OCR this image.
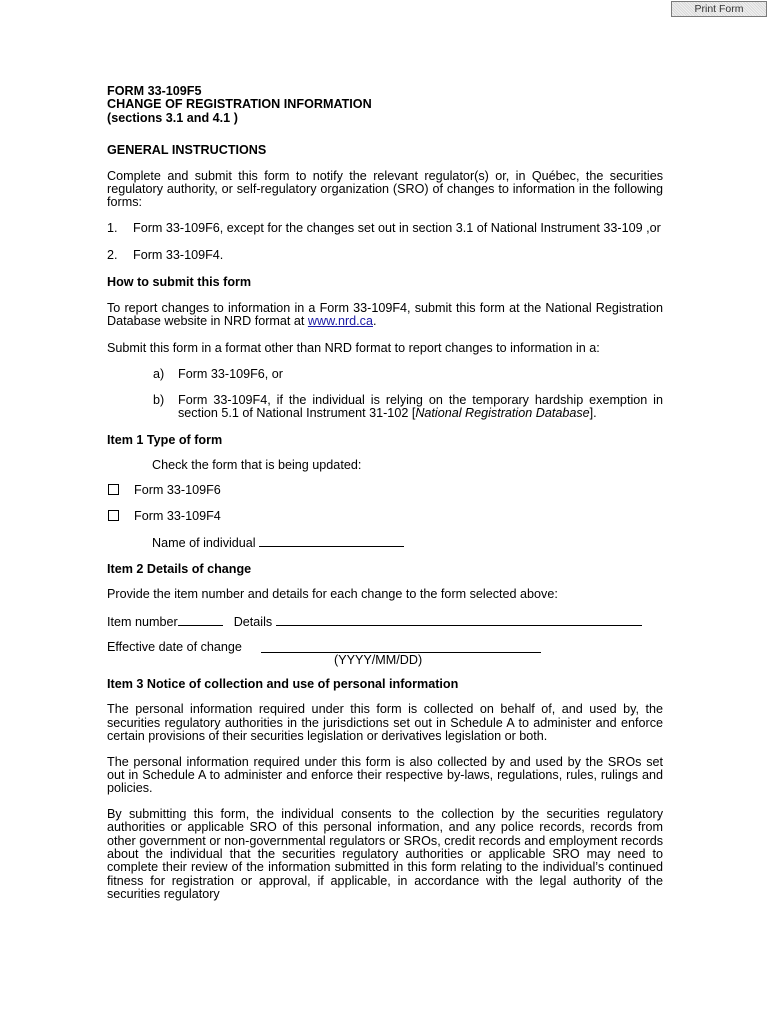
Print Form

FORM 33-109F5

CHANGE OF REGISTRATION INFORMATION

(sections 3.1 and 4.1 )

GENERAL INSTRUCTIONS

Complete and submit this form to notify the relevant regulator(s) or, in Québec, the securities regulatory authority, or self-regulatory organization (SRO) of changes to information in the following forms:

1. Form 33-109F6, except for the changes set out in section 3.1 of National Instrument 33-109 ,or
2. Form 33-109F4.

How to submit this form

To report changes to information in a Form 33-109F4, submit this form at the National Registration Database website in NRD format at www.nrd.ca.

Submit this form in a format other than NRD format to report changes to information in a:

a) Form 33-109F6, or
b) Form 33-109F4, if the individual is relying on the temporary hardship exemption in section 5.1 of National Instrument 31-102 [National Registration Database].

Item 1 Type of form

Check the form that is being updated:

Form 33-109F6
Form 33-109F4

Name of individual

Item 2 Details of change

Provide the item number and details for each change to the form selected above:

Item number	Details

Effective date of change
(YYYY/MM/DD)

Item 3 Notice of collection and use of personal information

The personal information required under this form is collected on behalf of, and used by, the securities regulatory authorities in the jurisdictions set out in Schedule A to administer and enforce certain provisions of their securities legislation or derivatives legislation or both.

The personal information required under this form is also collected by and used by the SROs set out in Schedule A to administer and enforce their respective by-laws, regulations, rules, rulings and policies.

By submitting this form, the individual consents to the collection by the securities regulatory authorities or applicable SRO of this personal information, and any police records, records from other government or non-governmental regulators or SROs, credit records and employment records about the individual that the securities regulatory authorities or applicable SRO may need to complete their review of the information submitted in this form relating to the individual’s continued fitness for registration or approval, if applicable, in accordance with the legal authority of the securities regulatory
